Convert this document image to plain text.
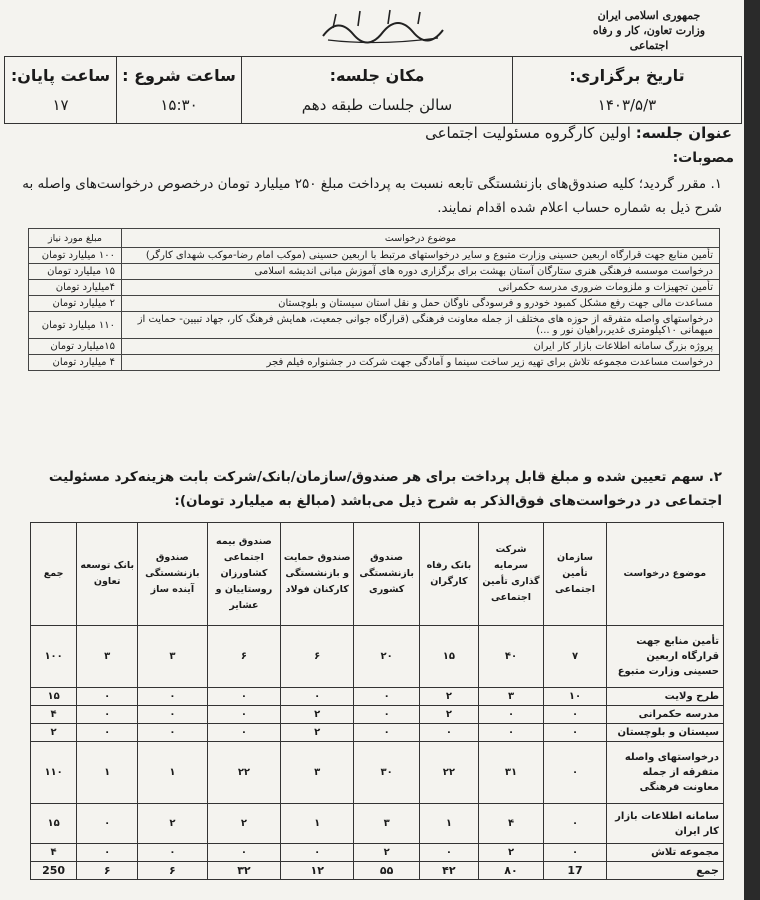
جمهوری اسلامی ایران
وزارت تعاون، کار و رفاه اجتماعی
تاریخ برگزاری:
۱۴۰۳/۵/۳
مکان جلسه:
سالن جلسات طبقه دهم
ساعت شروع :
۱۵:۳۰
ساعت پایان:
۱۷
عنوان جلسه: اولین کارگروه مسئولیت اجتماعی
مصوبات:
۱. مقرر گردید؛ کلیه صندوق‌های بازنشستگی تابعه نسبت به پرداخت مبلغ ۲۵۰ میلیارد تومان درخصوص درخواست‌های واصله به شرح ذیل به شماره حساب اعلام شده اقدام نمایند.
موضوع درخواست	مبلغ مورد نیاز
تأمین منابع جهت قرارگاه اربعین حسینی وزارت متبوع و سایر درخواستهای مرتبط با اربعین حسینی (موکب امام رضا-موکب شهدای کارگر)	۱۰۰ میلیارد تومان
درخواست موسسه فرهنگی هنری ستارگان آستان بهشت برای برگزاری دوره های آموزش مبانی اندیشه اسلامی	۱۵ میلیارد تومان
تأمین تجهیزات و ملزومات ضروری مدرسه حکمرانی	۴میلیارد تومان
مساعدت مالی جهت رفع مشکل کمبود خودرو و فرسودگی ناوگان حمل و نقل استان سیستان و بلوچستان	۲ میلیارد تومان
درخواستهای واصله متفرقه از حوزه های مختلف از جمله معاونت فرهنگی (قرارگاه جوانی جمعیت، همایش فرهنگ کار، جهاد تبیین- حمایت از میهمانی ۱۰کیلومتری غدیر،راهیان نور و ...)	۱۱۰ میلیارد تومان
پروژه بزرگ سامانه اطلاعات بازار کار ایران	۱۵میلیارد تومان
درخواست مساعدت مجموعه تلاش برای تهیه زیر ساخت سینما و آمادگی جهت شرکت در جشنواره فیلم فجر	۴ میلیارد تومان
۲. سهم تعیین شده و مبلغ قابل پرداخت برای هر صندوق/سازمان/بانک/شرکت بابت هزینه‌کرد مسئولیت اجتماعی در درخواست‌های فوق‌الذکر به شرح ذیل می‌باشد (مبالغ به میلیارد تومان):
موضوع درخواست	سازمان تأمین اجتماعی	شرکت سرمایه گذاری تأمین اجتماعی	بانک رفاه کارگران	صندوق بازنشستگی کشوری	صندوق حمایت و بازنشستگی کارکنان فولاد	صندوق بیمه اجتماعی کشاورزان روستاییان و عشایر	صندوق بازنشستگی آینده ساز	بانک توسعه تعاون	جمع
تأمین منابع جهت قرارگاه اربعین حسینی وزارت متبوع	۷	۴۰	۱۵	۲۰	۶	۶	۳	۳	۱۰۰
طرح ولایت	۱۰	۳	۲	۰	۰	۰	۰	۰	۱۵
مدرسه حکمرانی	۰	۰	۲	۰	۲	۰	۰	۰	۴
سیستان و بلوچستان	۰	۰	۰	۰	۲	۰	۰	۰	۲
درخواستهای واصله متفرقه از جمله معاونت فرهنگی	۰	۳۱	۲۲	۳۰	۳	۲۲	۱	۱	۱۱۰
سامانه اطلاعات بازار کار ایران	۰	۴	۱	۳	۱	۲	۲	۰	۱۵
مجموعه تلاش	۰	۲	۰	۲	۰	۰	۰	۰	۴
جمع	17	۸۰	۴۲	۵۵	۱۲	۳۲	۶	۶	250
